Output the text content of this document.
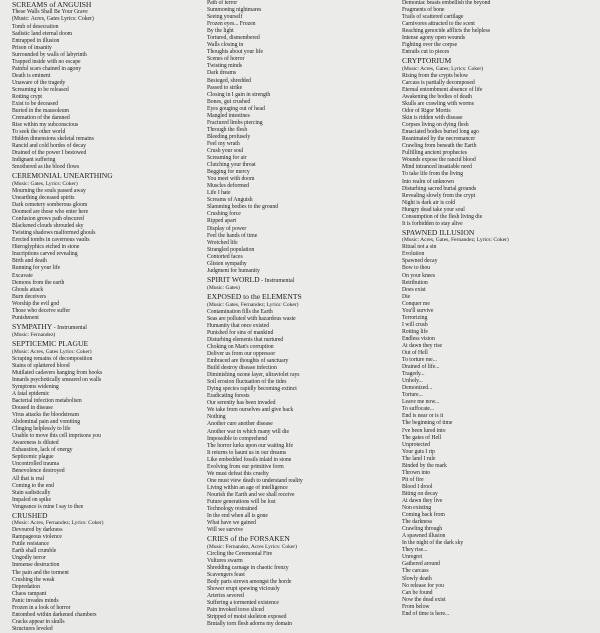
SCREAMS of ANGUISH
These Walls Shall Be Your Grave
(Music: Acres, Gates Lyrics: Coker)
Tomb of desecration
Sadistic land eternal doom
Entrapped in illusion
Prison of insanity
Surrounded by walls of labyrinth
Trapped inside with no escape
Painful scars chained in agony
Death is eminent
Unaware of the tragedy
Screaming to be released
Rotting crypt
Exist to be deceased
Buried in the mausoleum
Cremation of the damned
Rise within my subconscious
To seek the other world
Hidden dimensions skeletal remains
Rancid and cold hordes of decay
Drained of the power I bestowed
Indignant suffering
Smothered as the blood flows
CEREMONIAL UNEARTHING
(Music: Gates, Lyrics: Coker)
Mourning the souls passed away
Unearthing deceased spirits
Dark cemetery somberous gloom
Doomed are those who enter here
Confusion grows path obscured
Blackened clouds shrouded sky
Twisting shadows malformed ghouls
Erected tombs in cavernous vaults
Hieroglyphics etched in stone
Inscriptions carved revealing
Birth and death
Running for your life
Excavate
Demons from the earth
Ghouls attack
Burn deceivers
Worship the evil god
Those who deceive suffer
Punishment
SYMPATHY - Instrumental
(Music: Fernandez)
SEPTICEMIC PLAGUE
(Music: Acres, Gates Lyrics: Coker)
Scraping remains of decomposition
Stains of splattered blood
Mutilated cadavers hanging from hooks
Innards psychotically smeared on walls
Symptoms widening
A fatal epidemic
Bacterial infection metabolism
Doused in disease
Virus attacks the bloodstream
Abdominal pain and vomiting
Clinging helplessly to life
Unable to move this cell imprisons you
Awareness is diluted
Exhaustion, lack of energy
Septicemic plague
Uncontrolled trauma
Benevolence destroyed
All that is real
Coming to the end
Stain sadistically
Impaled on spike
Vengeance is mine I say to thee
CRUSHED
(Music: Acres, Fernandez; Lyrics: Coker)
Devoured by darkness
Rampageous violence
Futile resistance
Earth shall crumble
Ungodly terror
Immense destruction
The pain and the torment
Crushing the weak
Depredation
Chaos rampant
Panic invades minds
Frozen in a look of horror
Entombed within darkened chambers
Cracks appear in skulls
Structures leveled
Path of terror
Summoning nightmares
Seeing yourself
Frozen eyes... Frozen
By the light
Tortured, dismembered
Walls closing in
Thoughts about your life
Scenes of horror
Twisting minds
Dark dreams
Besieged, shredded
Passed to strike
Closing in I gain in strength
Bones, gut crushed
Eyes gouging out of head
Mangled intestines
Fractured limbs piercing
Through the flesh
Bleeding profusely
Feel my wrath
Crush your soul
Screaming for air
Clutching your throat
Begging for mercy
You meet with doom
Muscles deformed
Life I hate
Screams of Anguish
Slamming bodies to the ground
Crushing force
Ripped apart
Display of power
Feel the hands of time
Wretched life
Strangled population
Contorted faces
Glisten sympathy
Judgment for humanity
SPIRIT WORLD - Instrumental
(Music: Gates)
EXPOSED to the ELEMENTS
(Music: Gates, Fernandez; Lyrics: Coker)
Contamination fills the Earth
Seas are polluted with hazardous waste
Humanity that once existed
Punished for sins of mankind
Disturbing elements that nurtured
Choking on Man's corruption
Deliver us from our oppressor
Embraced are thoughts of sanctuary
Build destroy disease infection
Diminishing ozone layer, ultraviolet rays
Soil erosion fluctuation of the tides
Dying species rapidly becoming extinct
Eradicating forests
Our serenity has been invaded
We take from ourselves and give back
Nothing
Another cure another disease
Another war in which many will die
Impossible to comprehend
The horror lurks upon our waiting life
It returns to haunt us in our dreams
Like embedded fossils inlaid in stone
Evolving from our primitive form
We must defeat this cruelty
One must view death to understand reality
Living within an age of intelligence
Nourish the Earth and we shall receive
Future generations will be lost
Technology restrained
In the end when all is gone
What have we gained
Will we survive
CRIES of the FORSAKEN
(Music: Fernandez, Acres Lyrics: Coker)
Circling the Ceremonial Fire
Vultures swarm
Shredding carnage in chaotic frenzy
Scavengers feast
Body parts strewn amongst the horde
Shower erupt spewing viciously
Arteries severed
Suffering a tormented existence
Pain invoked torso sliced
Stripped of moist skeleton exposed
Brutally torn flesh adorns my domain
Demoniac beasts embellish the beyond
Fragments of bone
Trails of scattered cartilage
Carnivores attracted to the scent
Reaching genocide afflicts the helpless
Intense agony open wounds
Fighting over the corpse
Entrails cut to pieces
CRYPTORIUM
(Music: Acres, Gates; Lyrics: Coker)
Rising from the crypts below
Carcass is partially decomposed
Eternal entombment absence of life
Awakening the bodies of death
Skulls are crawling with worms
Odor of Rigor Mortis
Skin is ridden with disease
Corpses living on dying flesh
Emaciated bodies buried long ago
Reanimated by the necromancer
Crawling from beneath the Earth
Fulfilling ancient prophecies
Wounds expose the rancid blood
Mind intranced insatiable need
To take life from the living
Into realm of unknown
Disturbing sacred burial grounds
Revealing slowly from the crypt
Night is dark air is cold
Hungry dead take your soul
Consumption of the flesh living die
It is forbidden to stay alive
SPAWNED ILLUSION
(Music: Acres, Gates, Fernandez; Lyrics: Coker)
Ritual not a sin
Evolution
Spawned decay
Bow to thou
On your knees
Retribution
Does exist
Die
Conquer me
You'll survive
Terrorizing
I will crush
Rotting life
Endless vision
At dawn they rise
Out of Hell
To torture me...
Drained of life...
Tragedy...
Unholy...
Demonized...
Torture...
Leave me now...
To suffocate...
End is near or is it
The beginning of time
I've been lured into
The gates of Hell
Unprotected
Your guts I rip
The land I rule
Binded by the mark
Thrown into
Pit of fire
Blood I drool
Biting on decay
At dawn they live
Non existing
Coming back from
The darkness
Crawling through
A spawned illusion
In the night of the dark sky
They rise...
Unregret
Gathered around
The carcass
Slowly death
No release for you
Can be found
Now the dead exist
From below
End of time is here...
